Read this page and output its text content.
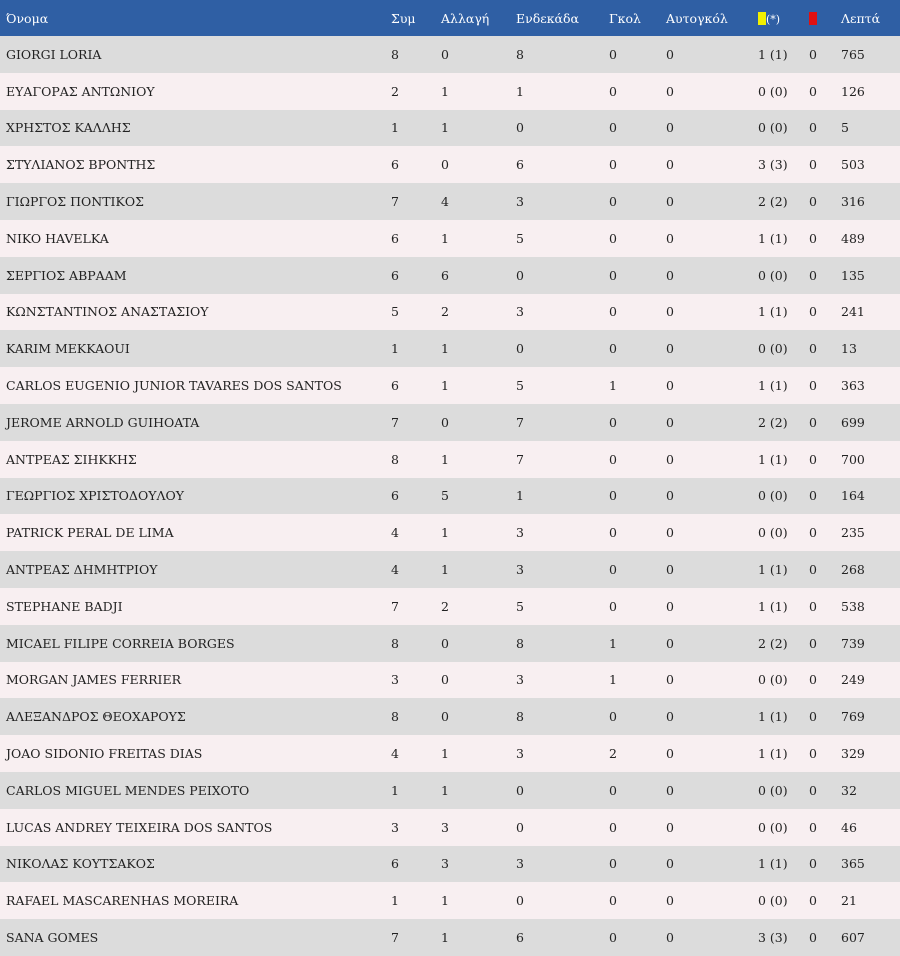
Όνομα	Συμ	Αλλαγή	Ενδεκάδα	Γκολ	Αυτογκόλ	(*)		Λεπτά
GIORGI LORIA	8	0	8	0	0	1 (1)	0	765
ΕΥΑΓΟΡΑΣ ΑΝΤΩΝΙΟΥ	2	1	1	0	0	0 (0)	0	126
ΧΡΗΣΤΟΣ ΚΑΛΛΗΣ	1	1	0	0	0	0 (0)	0	5
ΣΤΥΛΙΑΝΟΣ ΒΡΟΝΤΗΣ	6	0	6	0	0	3 (3)	0	503
ΓΙΩΡΓΟΣ ΠΟΝΤΙΚΟΣ	7	4	3	0	0	2 (2)	0	316
NIKO HAVELKA	6	1	5	0	0	1 (1)	0	489
ΣΕΡΓΙΟΣ ΑΒΡΑΑΜ	6	6	0	0	0	0 (0)	0	135
ΚΩΝΣΤΑΝΤΙΝΟΣ ΑΝΑΣΤΑΣΙΟΥ	5	2	3	0	0	1 (1)	0	241
KARIM MEKKAOUI	1	1	0	0	0	0 (0)	0	13
CARLOS EUGENIO JUNIOR TAVARES DOS SANTOS	6	1	5	1	0	1 (1)	0	363
JEROME ARNOLD GUIHOATA	7	0	7	0	0	2 (2)	0	699
ΑΝΤΡΕΑΣ ΣΙΗΚΚΗΣ	8	1	7	0	0	1 (1)	0	700
ΓΕΩΡΓΙΟΣ ΧΡΙΣΤΟΔΟΥΛΟΥ	6	5	1	0	0	0 (0)	0	164
PATRICK PERAL DE LIMA	4	1	3	0	0	0 (0)	0	235
ΑΝΤΡΕΑΣ ΔΗΜΗΤΡΙΟΥ	4	1	3	0	0	1 (1)	0	268
STEPHANE BADJI	7	2	5	0	0	1 (1)	0	538
MICAEL FILIPE CORREIA BORGES	8	0	8	1	0	2 (2)	0	739
MORGAN JAMES FERRIER	3	0	3	1	0	0 (0)	0	249
ΑΛΕΞΑΝΔΡΟΣ ΘΕΟΧΑΡΟΥΣ	8	0	8	0	0	1 (1)	0	769
JOAO SIDONIO FREITAS DIAS	4	1	3	2	0	1 (1)	0	329
CARLOS MIGUEL MENDES PEIXOTO	1	1	0	0	0	0 (0)	0	32
LUCAS ANDREY TEIXEIRA DOS SANTOS	3	3	0	0	0	0 (0)	0	46
ΝΙΚΟΛΑΣ ΚΟΥΤΣΑΚΟΣ	6	3	3	0	0	1 (1)	0	365
RAFAEL MASCARENHAS MOREIRA	1	1	0	0	0	0 (0)	0	21
SANA GOMES	7	1	6	0	0	3 (3)	0	607
